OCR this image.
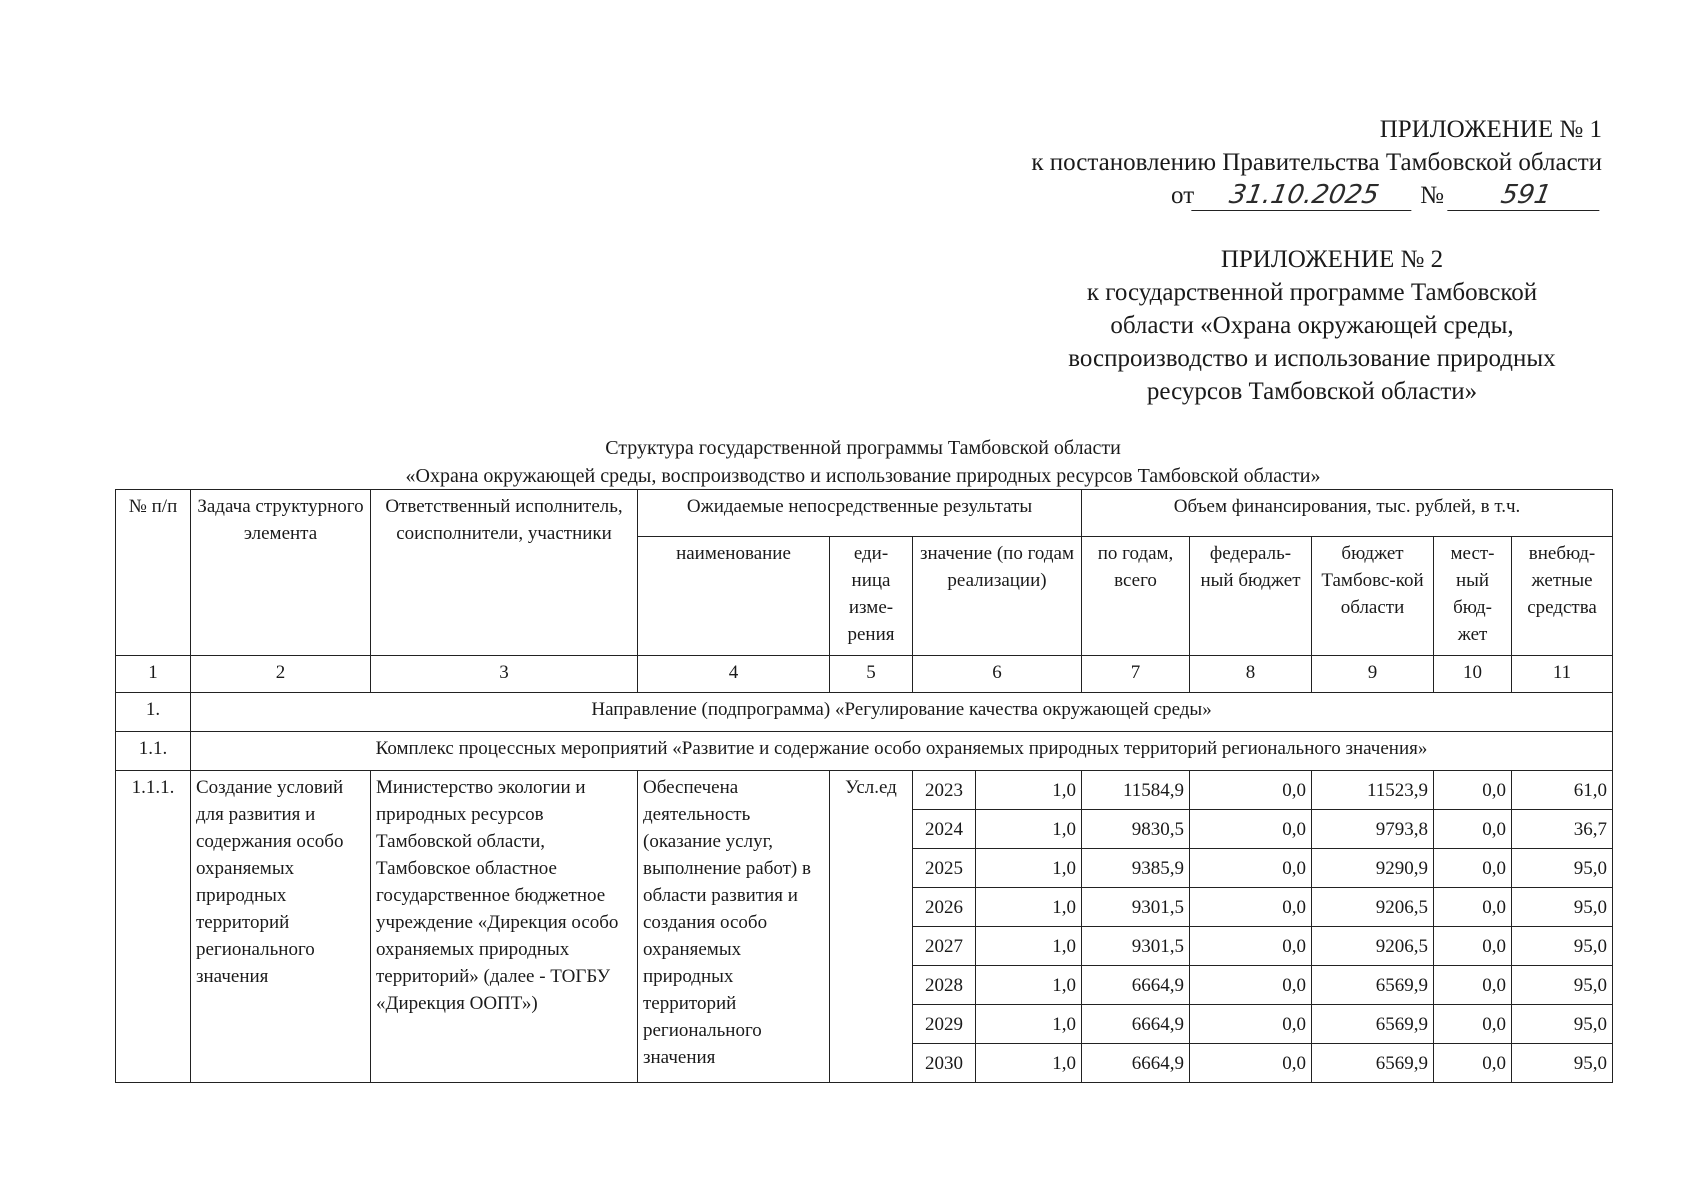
ПРИЛОЖЕНИЕ № 1
к постановлению Правительства Тамбовской области
от	31.10.2025	№	591
ПРИЛОЖЕНИЕ № 2
к государственной программе Тамбовской
области «Охрана окружающей среды,
воспроизводство и использование природных
ресурсов Тамбовской области»
Структура государственной программы Тамбовской области
«Охрана окружающей среды, воспроизводство и использование природных ресурсов Тамбовской области»
№ п/п	Задача структурного элемента	Ответственный исполнитель, соисполнители, участники	Ожидаемые непосредственные результаты				Объем финансирования, тыс. рублей, в т.ч.				
			наименование	еди-ница изме-рения	значение (по годам реализации)		по годам, всего	федераль-ный бюджет	бюджет Тамбовс-кой области	мест-ный бюд-жет	внебюд-жетные средства
1	2	3	4	5	6		7	8	9	10	11
1.	Направление (подпрограмма) «Регулирование качества окружающей среды»										
1.1.	Комплекс процессных мероприятий «Развитие и содержание особо охраняемых природных территорий регионального значения»										
1.1.1.	Создание условий для развития и содержания особо охраняемых природных территорий регионального значения	Министерство экологии и природных ресурсов Тамбовской области, Тамбовское областное государственное бюджетное учреждение «Дирекция особо охраняемых природных территорий» (далее - ТОГБУ «Дирекция ООПТ»)	Обеспечена деятельность (оказание услуг, выполнение работ) в области развития и создания особо охраняемых природных территорий регионального значения	Усл.ед	2023	1,0	11584,9	0,0	11523,9	0,0	61,0
					2024	1,0	9830,5	0,0	9793,8	0,0	36,7
					2025	1,0	9385,9	0,0	9290,9	0,0	95,0
					2026	1,0	9301,5	0,0	9206,5	0,0	95,0
					2027	1,0	9301,5	0,0	9206,5	0,0	95,0
					2028	1,0	6664,9	0,0	6569,9	0,0	95,0
					2029	1,0	6664,9	0,0	6569,9	0,0	95,0
					2030	1,0	6664,9	0,0	6569,9	0,0	95,0
